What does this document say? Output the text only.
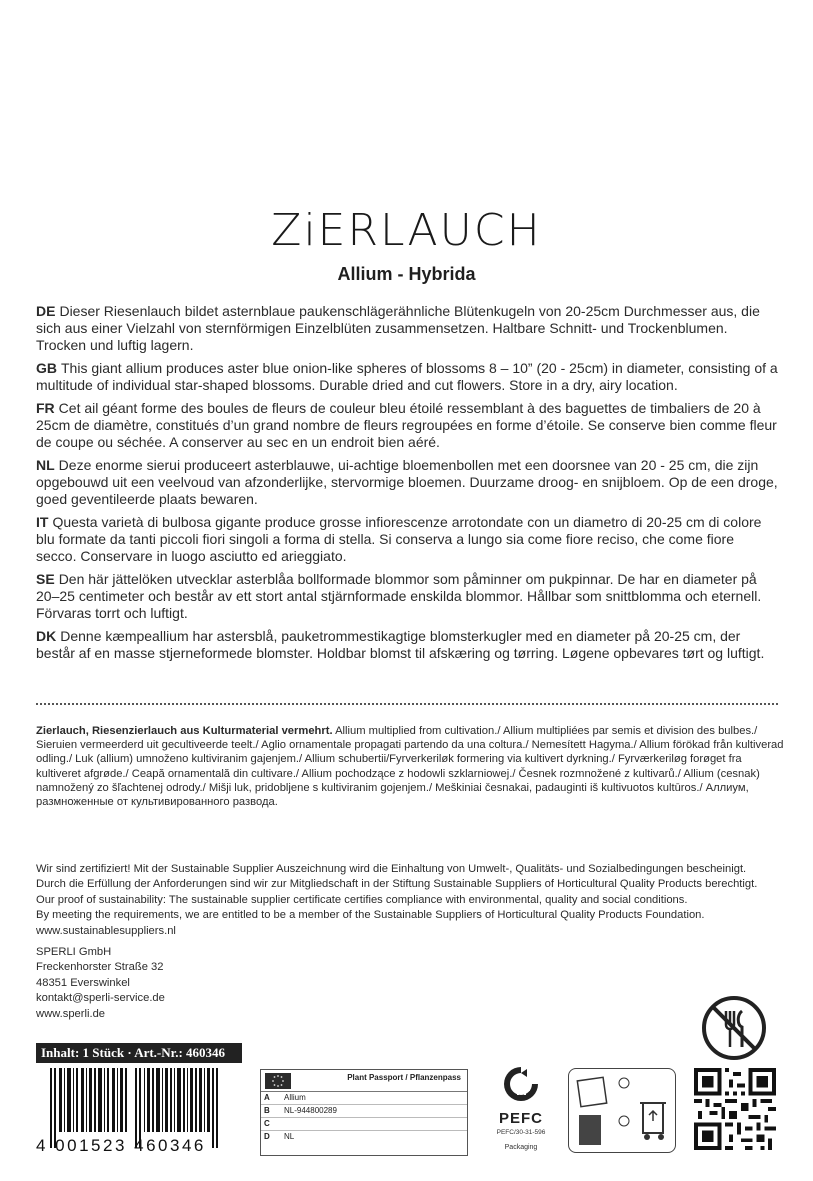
ZiERLAUCH
Allium - Hybrida

DE Dieser Riesenlauch bildet asternblaue paukenschlägerähnliche Blütenkugeln von 20-25cm Durchmesser aus, die sich aus einer Vielzahl von sternförmigen Einzelblüten zusammensetzen. Haltbare Schnitt- und Trockenblumen. Trocken und luftig lagern.

GB This giant allium produces aster blue onion-like spheres of blossoms 8 – 10” (20 - 25cm) in diameter, consisting of a multitude of individual star-shaped blossoms. Durable dried and cut flowers. Store in a dry, airy location.

FR Cet ail géant forme des boules de fleurs de couleur bleu étoilé ressemblant à des baguettes de timbaliers de 20 à 25cm de diamètre, constitués d’un grand nombre de fleurs regroupées en forme d’étoile. Se conserve bien comme fleur de coupe ou séchée. A conserver au sec en un endroit bien aéré.

NL Deze enorme sierui produceert asterblauwe, ui-achtige bloemenbollen met een doorsnee van 20 - 25 cm, die zijn opgebouwd uit een veelvoud van afzonderlijke, stervormige bloemen. Duurzame droog- en snijbloem. Op de een droge, goed geventileerde plaats bewaren.

IT Questa varietà di bulbosa gigante produce grosse infiorescenze arrotondate con un diametro di 20-25 cm di colore blu formate da tanti piccoli fiori singoli a forma di stella. Si conserva a lungo sia come fiore reciso, che come fiore secco. Conservare in luogo asciutto ed arieggiato.

SE Den här jättelöken utvecklar asterblåa bollformade blommor som påminner om pukpinnar. De har en diameter på 20–25 centimeter och består av ett stort antal stjärnformade enskilda blommor. Hållbar som snittblomma och eternell. Förvaras torrt och luftigt.

DK Denne kæmpeallium har astersblå, pauketrommestikagtige blomsterkugler med en diameter på 20-25 cm, der består af en masse stjerneformede blomster. Holdbar blomst til afskæring og tørring. Løgene opbevares tørt og luftigt.

Zierlauch, Riesenzierlauch aus Kulturmaterial vermehrt. Allium multiplied from cultivation./ Allium multipliées par semis et division des bulbes./ Sieruien vermeerderd uit gecultiveerde teelt./ Aglio ornamentale propagati partendo da una coltura./ Nemesített Hagyma./ Allium förökad från kultiverad odling./ Luk (allium) umnoženo kultiviranim gajenjem./ Allium schubertii/Fyrverkeriløk formering via kultivert dyrkning./ Fyrværkeriløg forøget fra kultiveret afgrøde./ Ceapă ornamentală din cultivare./ Allium pochodzące z hodowli szklarniowej./ Česnek rozmnožené z kultivarů./ Allium (cesnak) namnožený zo šľachtenej odrody./ Mišji luk, pridobljene s kultiviranim gojenjem./ Meškiniai česnakai, padauginti iš kultivuotos kultūros./ Аллиум, размноженные от культивированного развода.
Wir sind zertifiziert! Mit der Sustainable Supplier Auszeichnung wird die Einhaltung von Umwelt-, Qualitäts- und Sozialbedingungen bescheinigt.
Durch die Erfüllung der Anforderungen sind wir zur Mitgliedschaft in der Stiftung Sustainable Suppliers of Horticultural Quality Products berechtigt.
Our proof of sustainability: The sustainable supplier certificate certifies compliance with environmental, quality and social conditions.
By meeting the requirements, we are entitled to be a member of the Sustainable Suppliers of Horticultural Quality Products Foundation.
www.sustainablesuppliers.nl
SPERLI GmbH
Freckenhorster Straße 32
48351 Everswinkel
kontakt@sperli-service.de
www.sperli.de
Inhalt: 1 Stück · Art.-Nr.: 460346
4 001523 460346
Plant Passport / Pflanzenpass
A	Allium
B	NL-944800289
C
D	NL
PEFC
PEFC/30-31-596
Packaging
